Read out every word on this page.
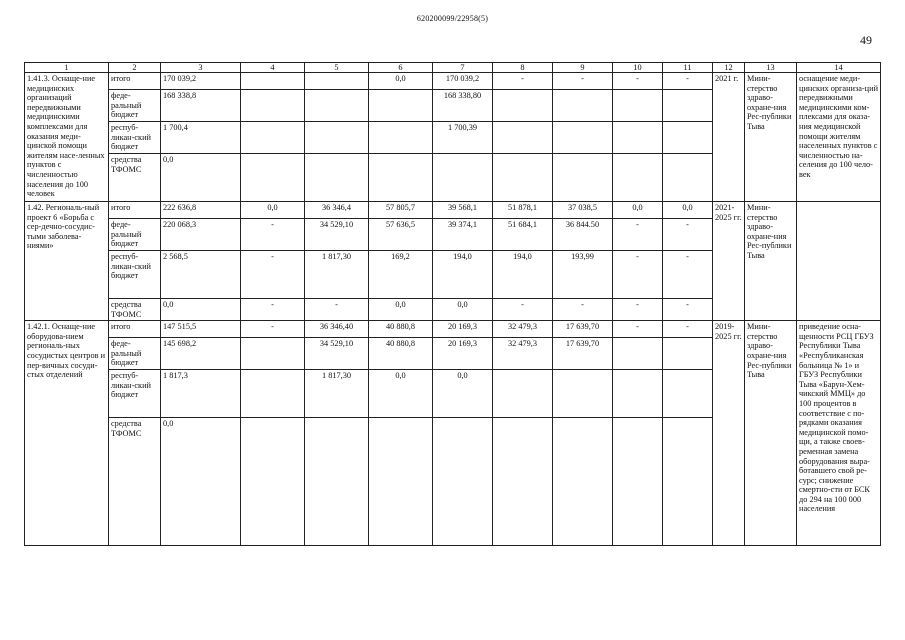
620200099/22958(5)
49
1	2	3	4	5	6	7	8	9	10	11	12	13	14
1.41.3. Оснаще-ние медицинских организаций передвижными медицинскими комплексами для оказания меди-цинской помощи жителям насе-ленных пунктов с численностью населения до 100 человек	итого	170 039,2			0,0	170 039,2	-	-	-	-	2021 г.	Мини-стерство здраво-охране-ния Рес-публики Тыва	оснащение меди-цинских организа-ций передвижными медицинскими ком-плексами для оказа-ния медицинской помощи жителям населенных пунктов с численностью на-селения до 100 чело-век
	феде-ральный бюджет	168 338,8				168 338,80							
	респуб-ликан-ский бюджет	1 700,4				1 700,39							
	средства ТФОМС	0,0											
1.42. Региональ-ный проект 6 «Борьба с сер-дечно-сосудис-тыми заболева-ниями»	итого	222 636,8	0,0	36 346,4	57 805,7	39 568,1	51 878,1	37 038,5	0,0	0,0	2021-2025 гг.	Мини-стерство здраво-охране-ния Рес-публики Тыва	
	феде-ральный бюджет	220 068,3	-	34 529,10	57 636,5	39 374,1	51 684,1	36 844.50	-	-			
	респуб-ликан-ский бюджет	2 568,5	-	1 817,30	169,2	194,0	194,0	193,99	-	-			
	средства ТФОМС	0,0	-	-	0,0	0,0	-	-	-	-			
1.42.1. Оснаще-ние оборудова-нием региональ-ных сосудистых центров и пер-вичных сосуди-стых отделений	итого	147 515,5	-	36 346,40	40 880,8	20 169,3	32 479,3	17 639,70	-	-	2019-2025 гг.	Мини-стерство здраво-охране-ния Рес-публики Тыва	приведение осна-щенности РСЦ ГБУЗ Республики Тыва «Республиканская больница № 1» и ГБУЗ Республики Тыва «Барун-Хем-чикский ММЦ» до 100 процентов в соответствие с по-рядками оказания медицинской помо-щи, а также своев-ременная замена оборудования выра-ботавшего свой ре-сурс; снижение смертно-сти от БСК до 294 на 100 000 населения
	феде-ральный бюджет	145 698,2		34 529,10	40 880,8	20 169,3	32 479,3	17 639,70					
	респуб-ликан-ский бюджет	1 817,3		1 817,30	0,0	0,0							
	средства ТФОМС	0,0											
